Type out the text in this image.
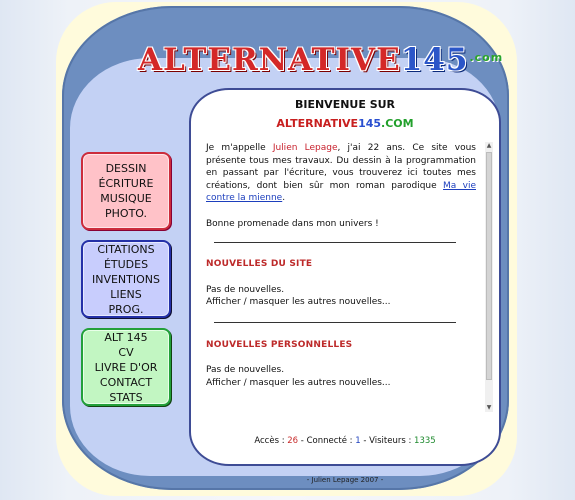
ALTERNATIVE 145 .com
DESSIN
ÉCRITURE
MUSIQUE
PHOTO.
CITATIONS
ÉTUDES
INVENTIONS
LIENS
PROG.
ALT 145
CV
LIVRE D'OR
CONTACT
STATS
BIENVENUE SUR
ALTERNATIVE145.COM

Je m'appelle Julien Lepage, j'ai 22 ans. Ce site vous présente tous mes travaux. Du dessin à la programmation en passant par l'écriture, vous trouverez ici toutes mes créations, dont bien sûr mon roman parodique Ma vie contre la mienne.

Bonne promenade dans mon univers !

NOUVELLES DU SITE

Pas de nouvelles.

Afficher / masquer les autres nouvelles...

NOUVELLES PERSONNELLES

Pas de nouvelles.

Afficher / masquer les autres nouvelles...

▲
▼
Accès : 26 - Connecté : 1 - Visiteurs : 1335
- Julien Lepage 2007 -
